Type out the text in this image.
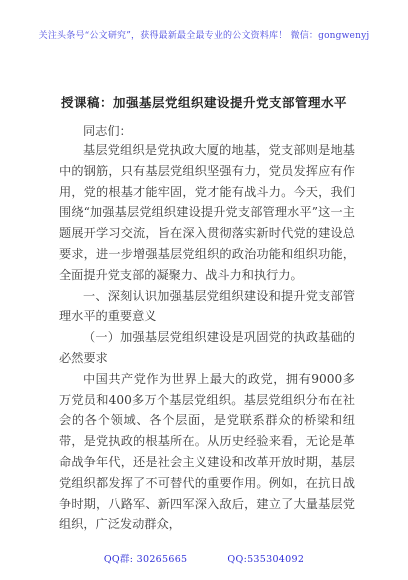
关注头条号“公文研究”，获得最新最全最专业的公文资料库！ 微信：gongwenyj
授课稿：加强基层党组织建设提升党支部管理水平
同志们：

基层党组织是党执政大厦的地基，党支部则是地基中的钢筋，只有基层党组织坚强有力，党员发挥应有作用，党的根基才能牢固，党才能有战斗力。今天，我们围绕“加强基层党组织建设提升党支部管理水平”这一主题展开学习交流，旨在深入贯彻落实新时代党的建设总要求，进一步增强基层党组织的政治功能和组织功能，全面提升党支部的凝聚力、战斗力和执行力。

一、深刻认识加强基层党组织建设和提升党支部管理水平的重要意义

（一）加强基层党组织建设是巩固党的执政基础的必然要求

中国共产党作为世界上最大的政党，拥有9000多万党员和400多万个基层党组织。基层党组织分布在社会的各个领域、各个层面，是党联系群众的桥梁和纽带，是党执政的根基所在。从历史经验来看，无论是革命战争年代，还是社会主义建设和改革开放时期，基层党组织都发挥了不可替代的重要作用。例如，在抗日战争时期，八路军、新四军深入敌后，建立了大量基层党组织，广泛发动群众，

QQ群: 30265665	QQ:535304092
